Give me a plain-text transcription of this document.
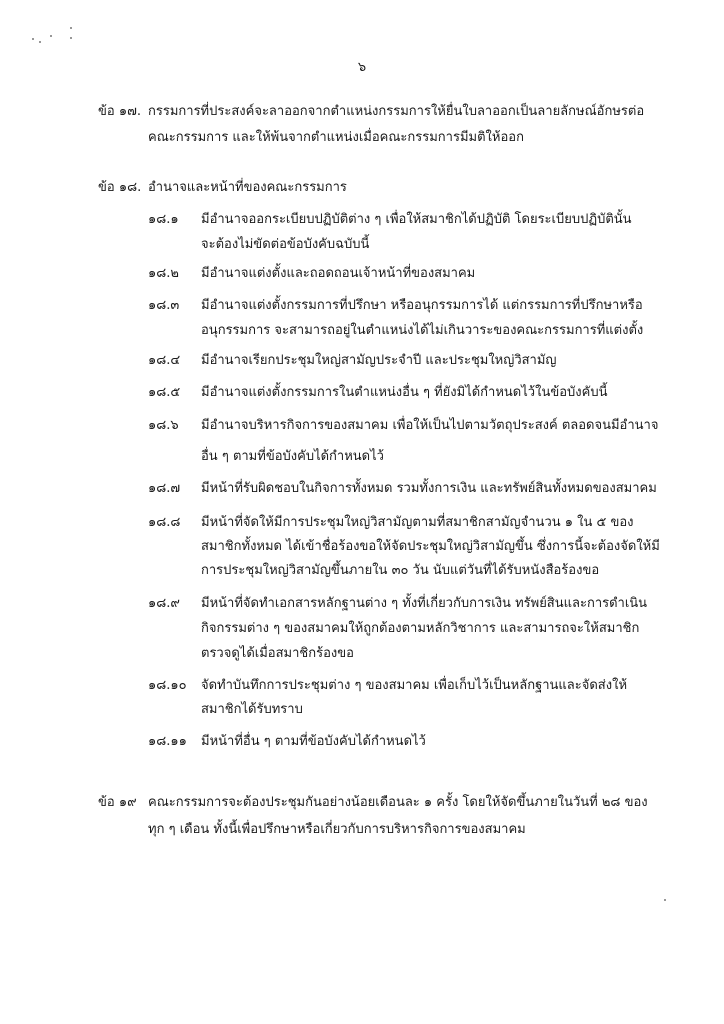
๖
ข้อ ๑๗. กรรมการที่ประสงค์จะลาออกจากตำแหน่งกรรมการให้ยื่นใบลาออกเป็นลายลักษณ์อักษรต่อ
คณะกรรมการ และให้พ้นจากตำแหน่งเมื่อคณะกรรมการมีมติให้ออก
ข้อ ๑๘. อำนาจและหน้าที่ของคณะกรรมการ
๑๘.๑ มีอำนาจออกระเบียบปฏิบัติต่าง ๆ เพื่อให้สมาชิกได้ปฏิบัติ โดยระเบียบปฏิบัตินั้น
จะต้องไม่ขัดต่อข้อบังคับฉบับนี้
๑๘.๒ มีอำนาจแต่งตั้งและถอดถอนเจ้าหน้าที่ของสมาคม
๑๘.๓ มีอำนาจแต่งตั้งกรรมการที่ปรึกษา หรืออนุกรรมการได้ แต่กรรมการที่ปรึกษาหรือ
อนุกรรมการ จะสามารถอยู่ในตำแหน่งได้ไม่เกินวาระของคณะกรรมการที่แต่งตั้ง
๑๘.๔ มีอำนาจเรียกประชุมใหญ่สามัญประจำปี และประชุมใหญ่วิสามัญ
๑๘.๕ มีอำนาจแต่งตั้งกรรมการในตำแหน่งอื่น ๆ ที่ยังมิได้กำหนดไว้ในข้อบังคับนี้
๑๘.๖ มีอำนาจบริหารกิจการของสมาคม เพื่อให้เป็นไปตามวัตถุประสงค์ ตลอดจนมีอำนาจ
อื่น ๆ ตามที่ข้อบังคับได้กำหนดไว้
๑๘.๗ มีหน้าที่รับผิดชอบในกิจการทั้งหมด รวมทั้งการเงิน และทรัพย์สินทั้งหมดของสมาคม
๑๘.๘ มีหน้าที่จัดให้มีการประชุมใหญ่วิสามัญตามที่สมาชิกสามัญจำนวน ๑ ใน ๕ ของ
สมาชิกทั้งหมด ได้เข้าชื่อร้องขอให้จัดประชุมใหญ่วิสามัญขึ้น ซึ่งการนี้จะต้องจัดให้มี
การประชุมใหญ่วิสามัญขึ้นภายใน ๓๐ วัน นับแต่วันที่ได้รับหนังสือร้องขอ
๑๘.๙ มีหน้าที่จัดทำเอกสารหลักฐานต่าง ๆ ทั้งที่เกี่ยวกับการเงิน ทรัพย์สินและการดำเนิน
กิจกรรมต่าง ๆ ของสมาคมให้ถูกต้องตามหลักวิชาการ และสามารถจะให้สมาชิก
ตรวจดูได้เมื่อสมาชิกร้องขอ
๑๘.๑๐ จัดทำบันทึกการประชุมต่าง ๆ ของสมาคม เพื่อเก็บไว้เป็นหลักฐานและจัดส่งให้
สมาชิกได้รับทราบ
๑๘.๑๑ มีหน้าที่อื่น ๆ ตามที่ข้อบังคับได้กำหนดไว้
ข้อ ๑๙ คณะกรรมการจะต้องประชุมกันอย่างน้อยเดือนละ ๑ ครั้ง โดยให้จัดขึ้นภายในวันที่ ๒๘ ของ
ทุก ๆ เดือน ทั้งนี้เพื่อปรึกษาหรือเกี่ยวกับการบริหารกิจการของสมาคม
